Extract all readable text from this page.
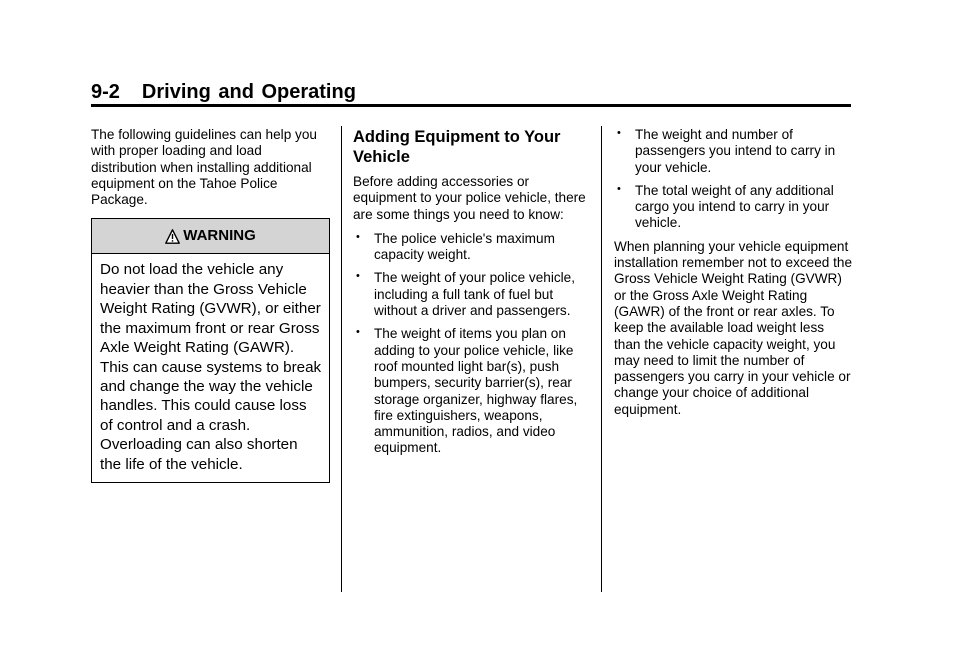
9-2 Driving and Operating

The following guidelines can help you with proper loading and load distribution when installing additional equipment on the Tahoe Police Package.

WARNING
Do not load the vehicle any heavier than the Gross Vehicle Weight Rating (GVWR), or either the maximum front or rear Gross Axle Weight Rating (GAWR). This can cause systems to break and change the way the vehicle handles. This could cause loss of control and a crash. Overloading can also shorten the life of the vehicle.
Adding Equipment to Your Vehicle

Before adding accessories or equipment to your police vehicle, there are some things you need to know:

• The police vehicle's maximum capacity weight.
• The weight of your police vehicle, including a full tank of fuel but without a driver and passengers.
• The weight of items you plan on adding to your police vehicle, like roof mounted light bar(s), push bumpers, security barrier(s), rear storage organizer, highway flares, fire extinguishers, weapons, ammunition, radios, and video equipment.
• The weight and number of passengers you intend to carry in your vehicle.
• The total weight of any additional cargo you intend to carry in your vehicle.

When planning your vehicle equipment installation remember not to exceed the Gross Vehicle Weight Rating (GVWR) or the Gross Axle Weight Rating (GAWR) of the front or rear axles. To keep the available load weight less than the vehicle capacity weight, you may need to limit the number of passengers you carry in your vehicle or change your choice of additional equipment.
